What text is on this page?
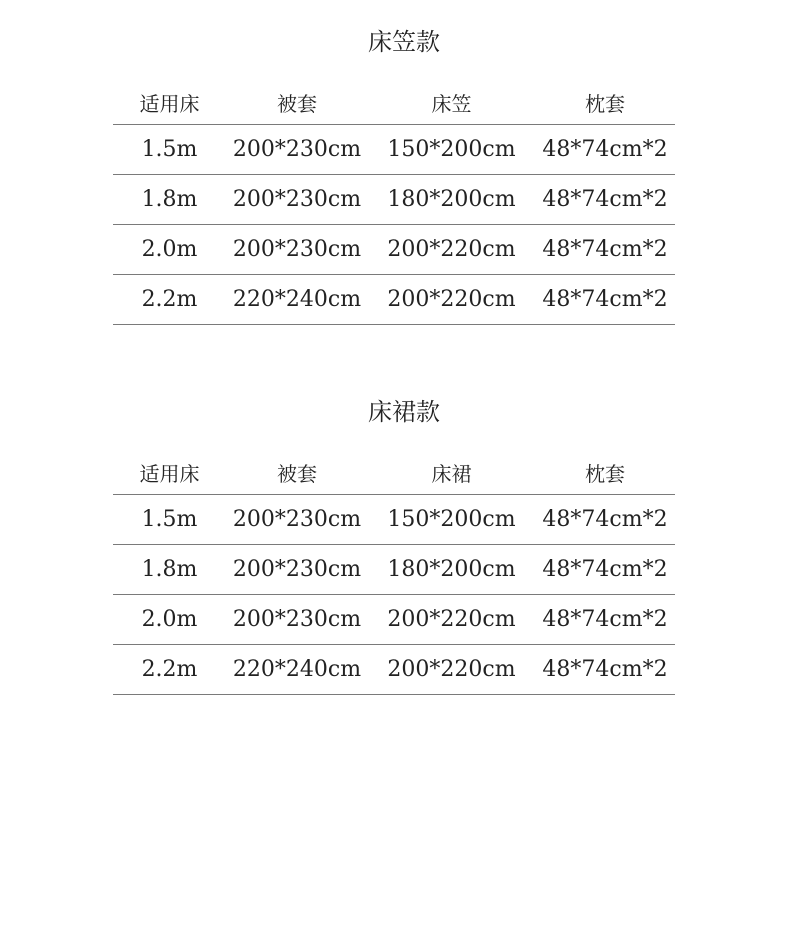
床笠款
适用床	被套	床笠	枕套
1.5m	200*230cm	150*200cm	48*74cm*2
1.8m	200*230cm	180*200cm	48*74cm*2
2.0m	200*230cm	200*220cm	48*74cm*2
2.2m	220*240cm	200*220cm	48*74cm*2
床裙款
适用床	被套	床裙	枕套
1.5m	200*230cm	150*200cm	48*74cm*2
1.8m	200*230cm	180*200cm	48*74cm*2
2.0m	200*230cm	200*220cm	48*74cm*2
2.2m	220*240cm	200*220cm	48*74cm*2
